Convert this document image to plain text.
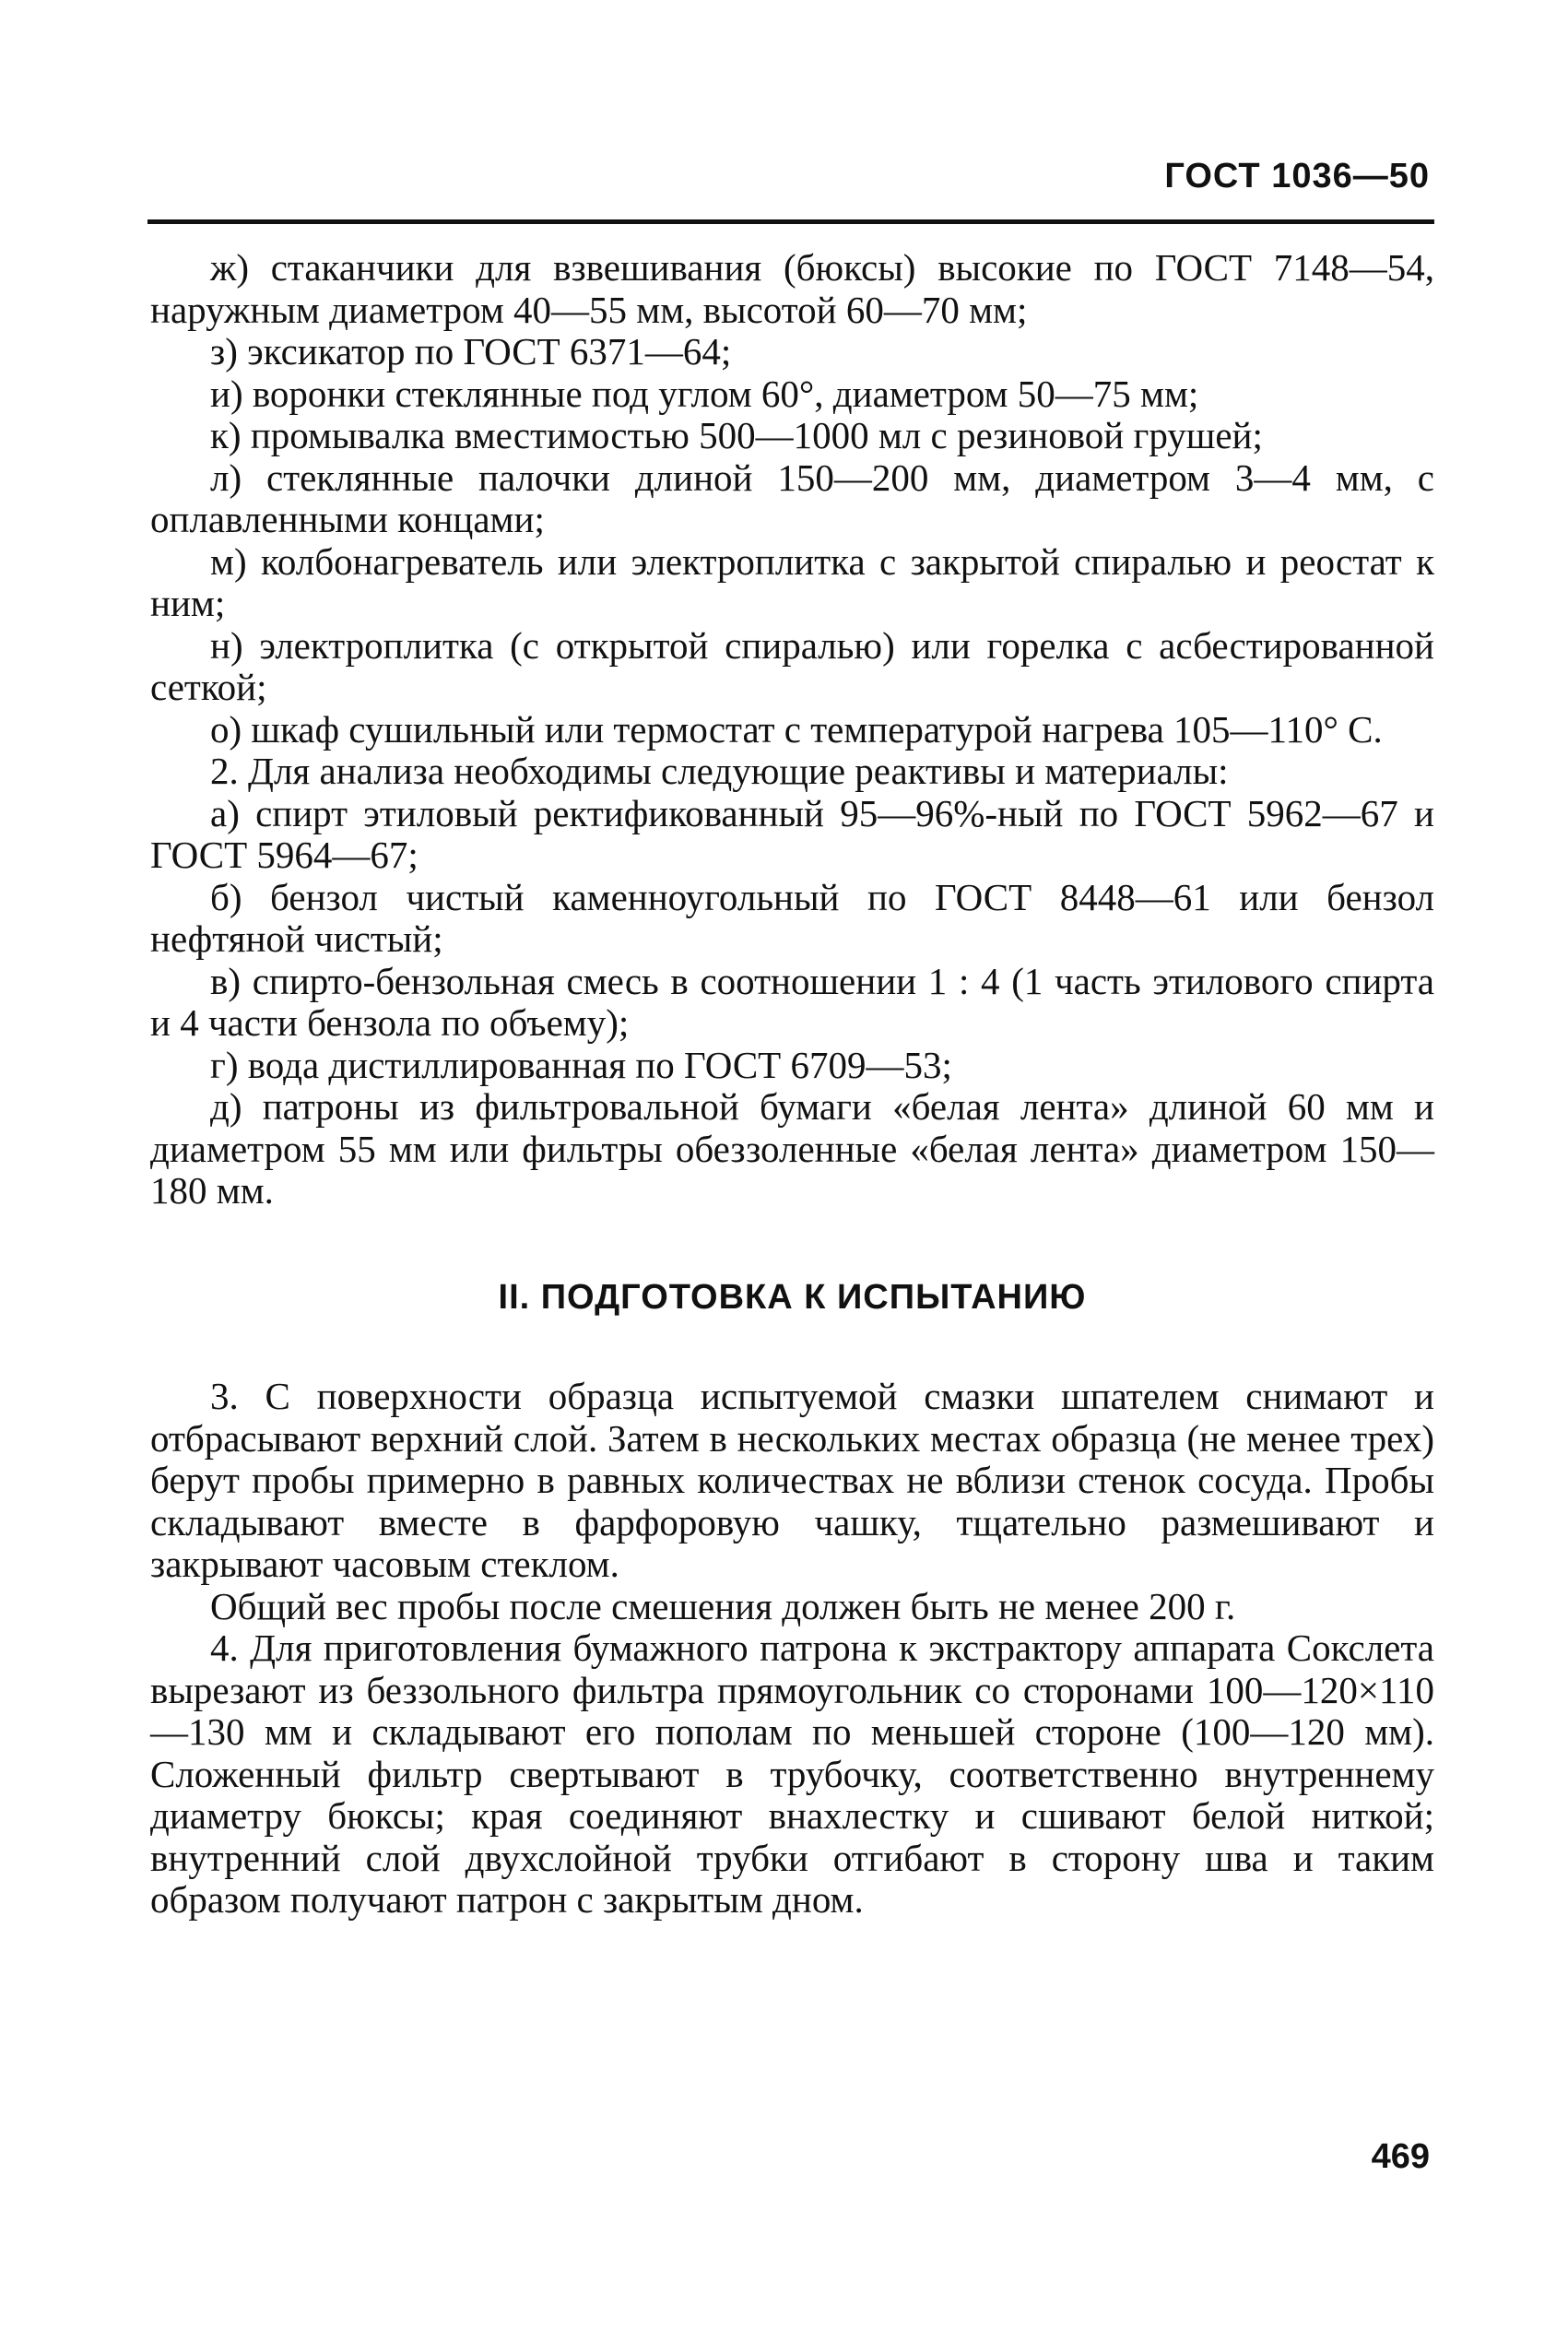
ГОСТ 1036—50

ж) стаканчики для взвешивания (бюксы) высокие по ГОСТ 7148—54, наружным диаметром 40—55 мм, высотой 60—70 мм;

з) эксикатор по ГОСТ 6371—64;

и) воронки стеклянные под углом 60°, диаметром 50—75 мм;

к) промывалка вместимостью 500—1000 мл с резиновой грушей;

л) стеклянные палочки длиной 150—200 мм, диаметром 3—4 мм, с оплавленными концами;

м) колбонагреватель или электроплитка с закрытой спиралью и реостат к ним;

н) электроплитка (с открытой спиралью) или горелка с асбестированной сеткой;

о) шкаф сушильный или термостат с температурой нагрева 105—110° С.

2. Для анализа необходимы следующие реактивы и материалы:

а) спирт этиловый ректификованный 95—96%-ный по ГОСТ 5962—67 и ГОСТ 5964—67;

б) бензол чистый каменноугольный по ГОСТ 8448—61 или бензол нефтяной чистый;

в) спирто-бензольная смесь в соотношении 1 : 4 (1 часть этилового спирта и 4 части бензола по объему);

г) вода дистиллированная по ГОСТ 6709—53;

д) патроны из фильтровальной бумаги «белая лента» длиной 60 мм и диаметром 55 мм или фильтры обеззоленные «белая лента» диаметром 150—180 мм.

II. ПОДГОТОВКА К ИСПЫТАНИЮ

3. С поверхности образца испытуемой смазки шпателем снимают и отбрасывают верхний слой. Затем в нескольких местах образца (не менее трех) берут пробы примерно в равных количествах не вблизи стенок сосуда. Пробы складывают вместе в фарфоровую чашку, тщательно размешивают и закрывают часовым стеклом.

Общий вес пробы после смешения должен быть не менее 200 г.

4. Для приготовления бумажного патрона к экстрактору аппарата Сокслета вырезают из беззольного фильтра прямоугольник со сторонами 100—120×110—130 мм и складывают его пополам по меньшей стороне (100—120 мм). Сложенный фильтр свертывают в трубочку, соответственно внутреннему диаметру бюксы; края соединяют внахлестку и сшивают белой ниткой; внутренний слой двухслойной трубки отгибают в сторону шва и таким образом получают патрон с закрытым дном.

469
